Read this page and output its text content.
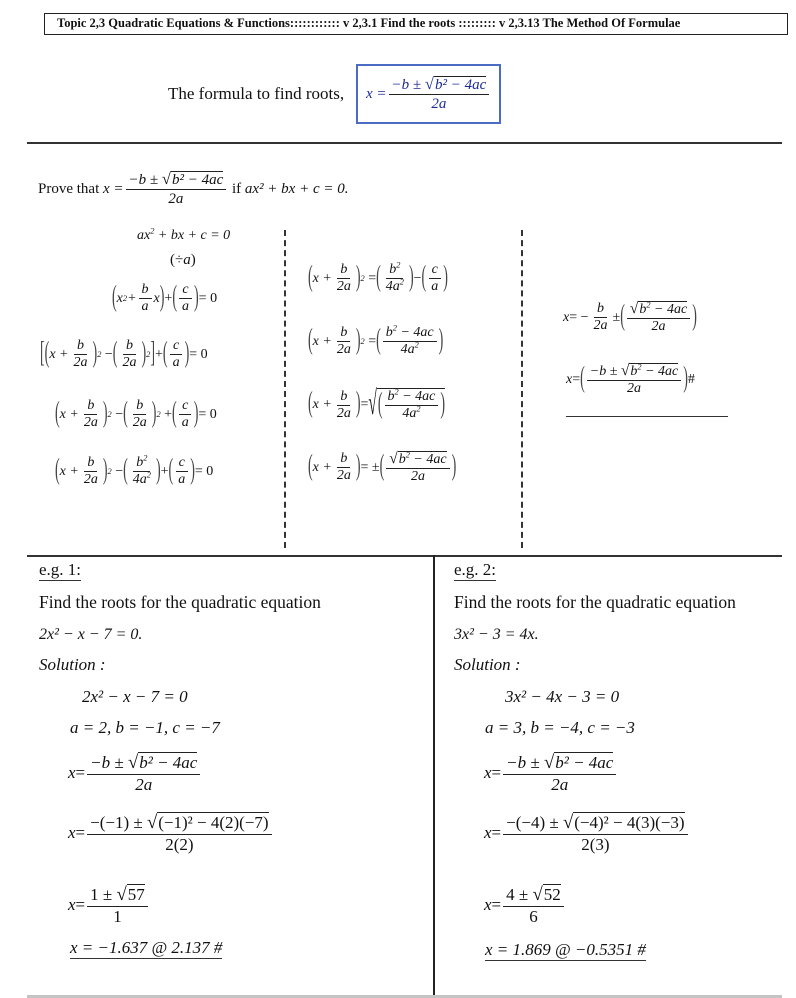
Topic 2,3 Quadratic Equations & Functions:::::::::::: v 2,3.1 Find the roots ::::::::: v 2,3.13 The Method Of Formulae
The formula to find roots, $x = \frac{\text{−b ± √b² − 4ac}}{2a}$
Prove that
$x = \frac{\text{−b ± √b² − 4ac}}{2a}$
if
ax² + bx + c = 0.
$ax^2$ + bx + c = 0
(÷a)
( x $2 + \frac{b}{a}$ x ) + ( $\frac{c}{a}$ ) = 0
[ ( $x + \frac{b}{2a}$ ) 2
− ( $\frac{b}{2a}$ ) 2 ] + ( $\frac{c}{a}$ ) = 0
( $x + \frac{b}{2a}$ ) 2
− ( $\frac{b}{2a}$ ) 2
+ ( $\frac{c}{a}$ ) = 0
( $x + \frac{b}{2a}$ ) 2
− ( $\frac{b^2}{4a^2}$ ) + ( $\frac{c}{a}$ ) = 0
( $x + \frac{b}{2a}$ ) 2
= ( $\frac{b^2}{4a^2}$ ) − ( $\frac{c}{a}$ )
( $x + \frac{b}{2a}$ ) 2
= ( $\frac{b^2 - 4ac}{4a^2}$ )
( $x + \frac{b}{2a}$ ) = √ ( $\frac{b^2 - 4ac}{4a^2}$ )
( $x + \frac{b}{2a}$ ) = ± ( $\frac{√b^2 - 4ac}{2a}$ )
x = − $\frac{b}{2a}$ ± ( $\frac{√b^2 - 4ac}{2a}$ )
x = ( $\frac{-b \pm √b^2 - 4ac}{2a}$ ) #
e.g. 1:
Find the roots for the quadratic equation
2x² − x − 7 = 0.
Solution :
2x² − x − 7 = 0
a = 2, b = −1, c = −7
$x = \frac{\text{−b ± √b² − 4ac}}{2a}$
$x = \frac{\text{−(−1) ± √(−1)² − 4(2)(−7)}}{2(2)}$
$x = \frac{1 \pm √57}{1}$
x = −1.637 @ 2.137 #
e.g. 2:
Find the roots for the quadratic equation
3x² − 3 = 4x.
Solution :
3x² − 4x − 3 = 0
a = 3, b = −4, c = −3
$x = \frac{\text{−b ± √b² − 4ac}}{2a}$
$x = \frac{\text{−(−4) ± √(−4)² − 4(3)(−3)}}{2(3)}$
$x = \frac{4 \pm √52}{6}$
x = 1.869 @ −0.5351 #
